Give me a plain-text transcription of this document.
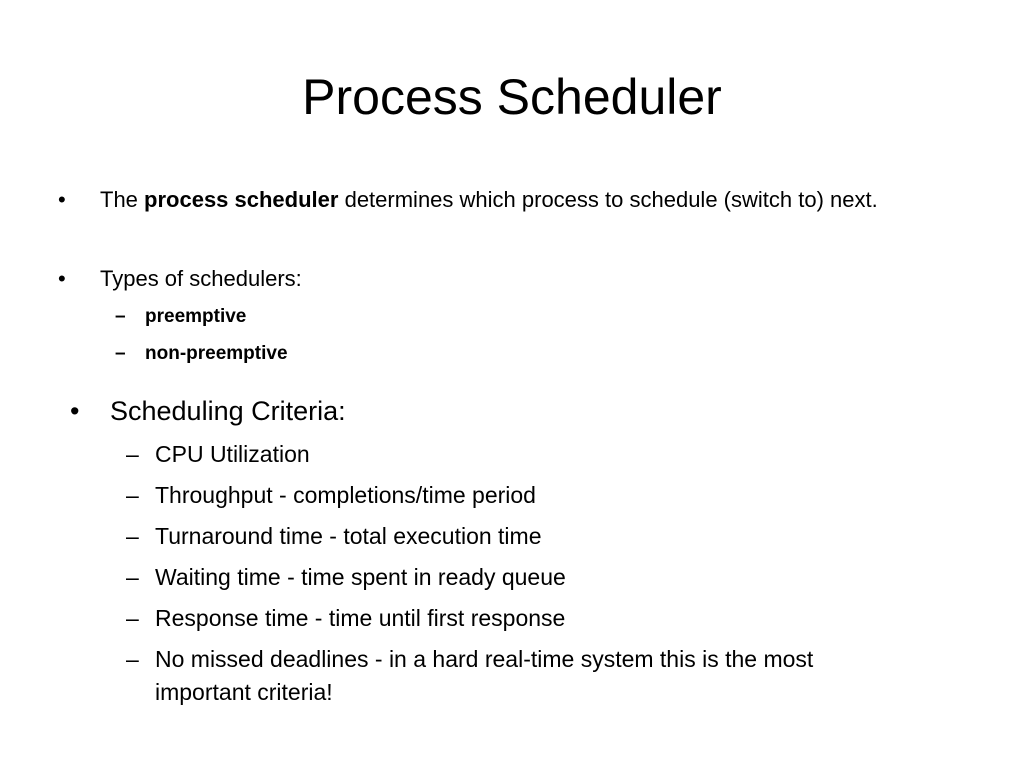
Process Scheduler
•	The process scheduler determines which process to schedule (switch to) next.
•	Types of schedulers:
– preemptive
– non-preemptive
•	Scheduling Criteria:
– CPU Utilization
– Throughput - completions/time period
– Turnaround time - total execution time
– Waiting time - time spent in ready queue
– Response time - time until first response
– No missed deadlines - in a hard real-time system this is the most important criteria!
